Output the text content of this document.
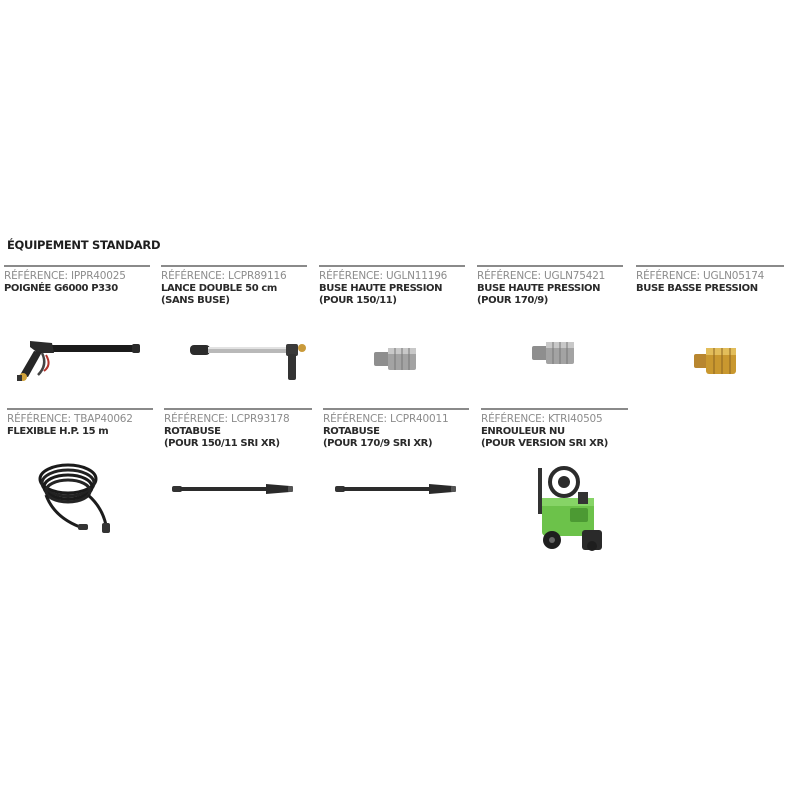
ÉQUIPEMENT STANDARD
RÉFÉRENCE: IPPR40025
POIGNÉE G6000 P330
RÉFÉRENCE: LCPR89116
LANCE DOUBLE 50 cm
(SANS BUSE)
RÉFÉRENCE: UGLN11196
BUSE HAUTE PRESSION
(POUR 150/11)
RÉFÉRENCE: UGLN75421
BUSE HAUTE PRESSION
(POUR 170/9)
RÉFÉRENCE: UGLN05174
BUSE BASSE PRESSION
RÉFÉRENCE: TBAP40062
FLEXIBLE H.P. 15 m
RÉFÉRENCE: LCPR93178
ROTABUSE
(POUR 150/11 SRI XR)
RÉFÉRENCE: LCPR40011
ROTABUSE
(POUR 170/9 SRI XR)
RÉFÉRENCE: KTRI40505
ENROULEUR NU
(POUR VERSION SRI XR)
